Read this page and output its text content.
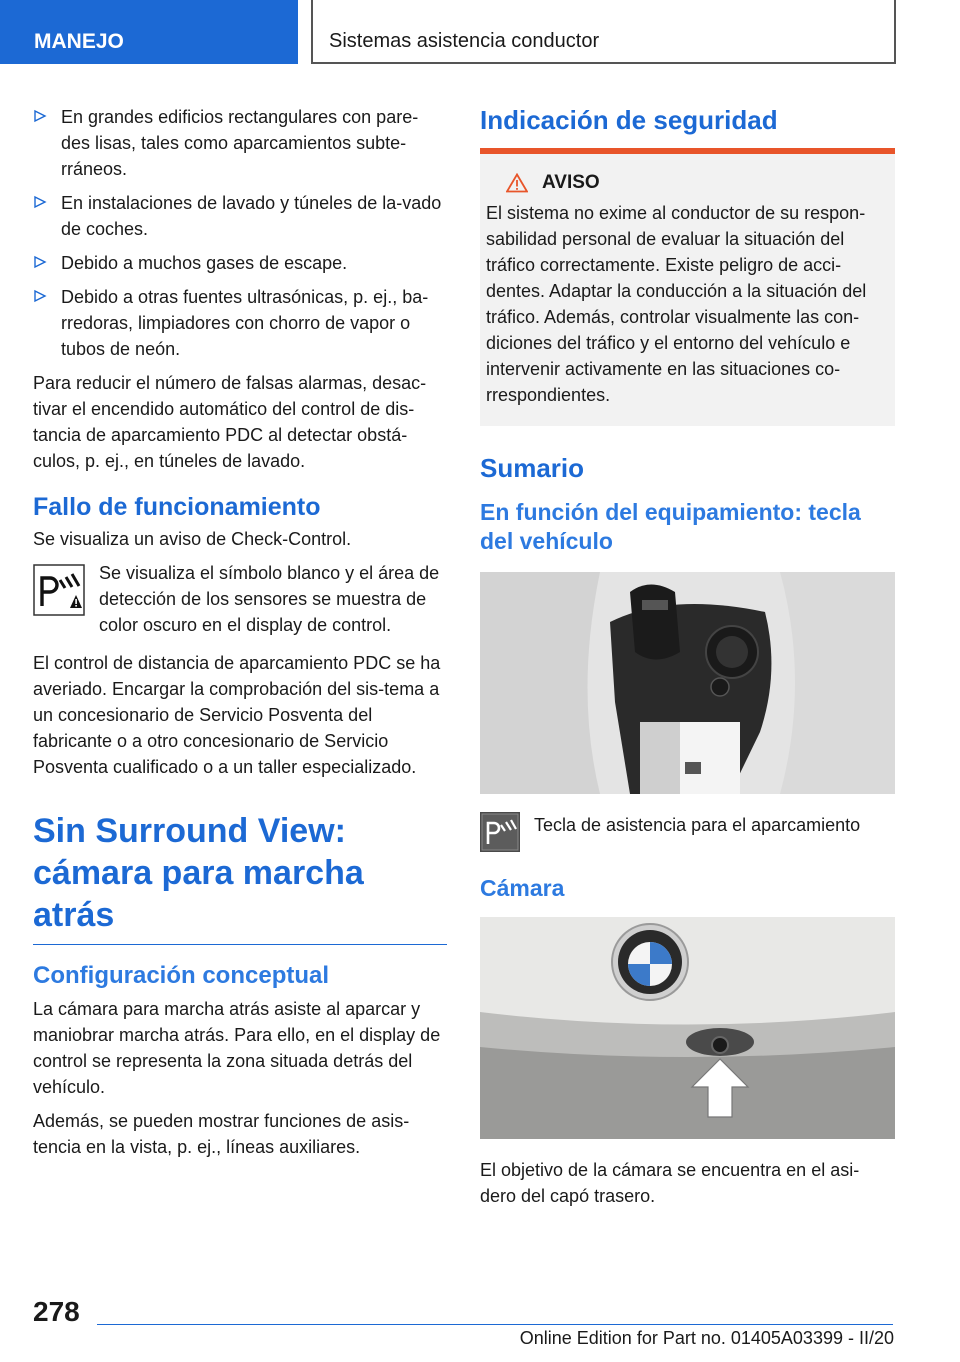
MANEJO	Sistemas asistencia conductor
En grandes edificios rectangulares con pare-des lisas, tales como aparcamientos subte-rráneos.
En instalaciones de lavado y túneles de la-vado de coches.
Debido a muchos gases de escape.
Debido a otras fuentes ultrasónicas, p. ej., ba-rredoras, limpiadores con chorro de vapor o tubos de neón.

Para reducir el número de falsas alarmas, desac-tivar el encendido automático del control de dis-tancia de aparcamiento PDC al detectar obstá-culos, p. ej., en túneles de lavado.

Fallo de funcionamiento

Se visualiza un aviso de Check-Control.

Se visualiza el símbolo blanco y el área de detección de los sensores se muestra de color oscuro en el display de control.

El control de distancia de aparcamiento PDC se ha averiado. Encargar la comprobación del sis-tema a un concesionario de Servicio Posventa del fabricante o a otro concesionario de Servicio Posventa cualificado o a un taller especializado.

Sin Surround View: cámara para marcha atrás
Configuración conceptual

La cámara para marcha atrás asiste al aparcar y maniobrar marcha atrás. Para ello, en el display de control se representa la zona situada detrás del vehículo.

Además, se pueden mostrar funciones de asis-tencia en la vista, p. ej., líneas auxiliares.

Indicación de seguridad
AVISO

El sistema no exime al conductor de su respon-sabilidad personal de evaluar la situación del tráfico correctamente. Existe peligro de acci-dentes. Adaptar la conducción a la situación del tráfico. Además, controlar visualmente las con-diciones del tráfico y el entorno del vehículo e intervenir activamente en las situaciones co-rrespondientes.

Sumario
En función del equipamiento: tecla del vehículo

Tecla de asistencia para el aparcamiento

Cámara

El objetivo de la cámara se encuentra en el asi-dero del capó trasero.

278
Online Edition for Part no. 01405A03399 - II/20
